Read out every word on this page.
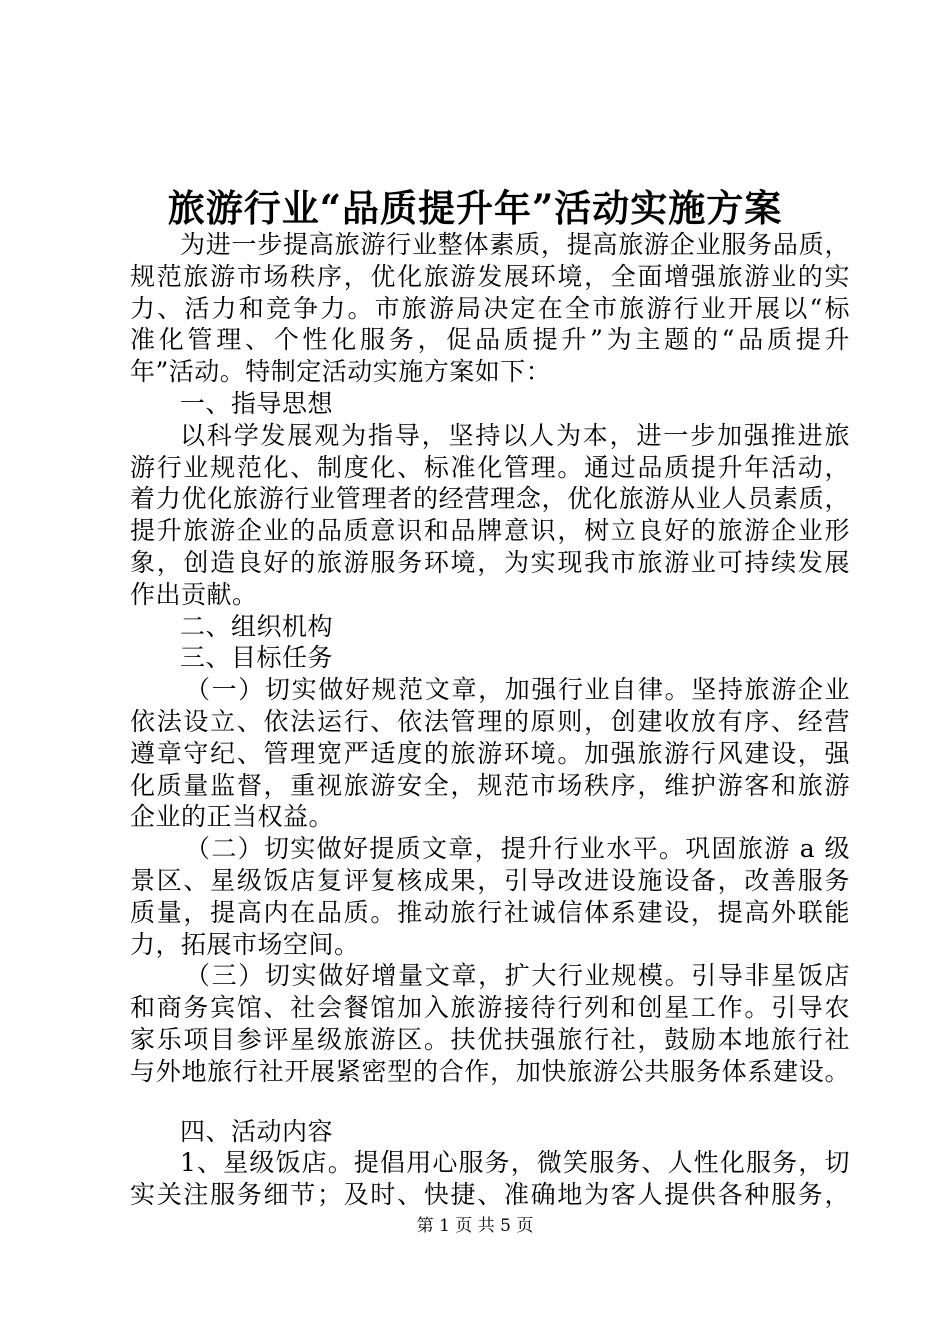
旅游行业“品质提升年”活动实施方案
为进一步提高旅游行业整体素质，提高旅游企业服务品质，
规范旅游市场秩序，优化旅游发展环境，全面增强旅游业的实
力、活力和竞争力。市旅游局决定在全市旅游行业开展以“标
准化管理、个性化服务，促品质提升”为主题的“品质提升
年”活动。特制定活动实施方案如下：
一、指导思想
以科学发展观为指导，坚持以人为本，进一步加强推进旅
游行业规范化、制度化、标准化管理。通过品质提升年活动，
着力优化旅游行业管理者的经营理念，优化旅游从业人员素质，
提升旅游企业的品质意识和品牌意识，树立良好的旅游企业形
象，创造良好的旅游服务环境，为实现我市旅游业可持续发展
作出贡献。
二、组织机构
三、目标任务
（一）切实做好规范文章，加强行业自律。坚持旅游企业
依法设立、依法运行、依法管理的原则，创建收放有序、经营
遵章守纪、管理宽严适度的旅游环境。加强旅游行风建设，强
化质量监督，重视旅游安全，规范市场秩序，维护游客和旅游
企业的正当权益。
（二）切实做好提质文章，提升行业水平。巩固旅游 a 级
景区、星级饭店复评复核成果，引导改进设施设备，改善服务
质量，提高内在品质。推动旅行社诚信体系建设，提高外联能
力，拓展市场空间。
（三）切实做好增量文章，扩大行业规模。引导非星饭店
和商务宾馆、社会餐馆加入旅游接待行列和创星工作。引导农
家乐项目参评星级旅游区。扶优扶强旅行社，鼓励本地旅行社
与外地旅行社开展紧密型的合作，加快旅游公共服务体系建设。
四、活动内容
1、星级饭店。提倡用心服务，微笑服务、人性化服务，切
实关注服务细节；及时、快捷、准确地为客人提供各种服务，
第 1 页 共 5 页
